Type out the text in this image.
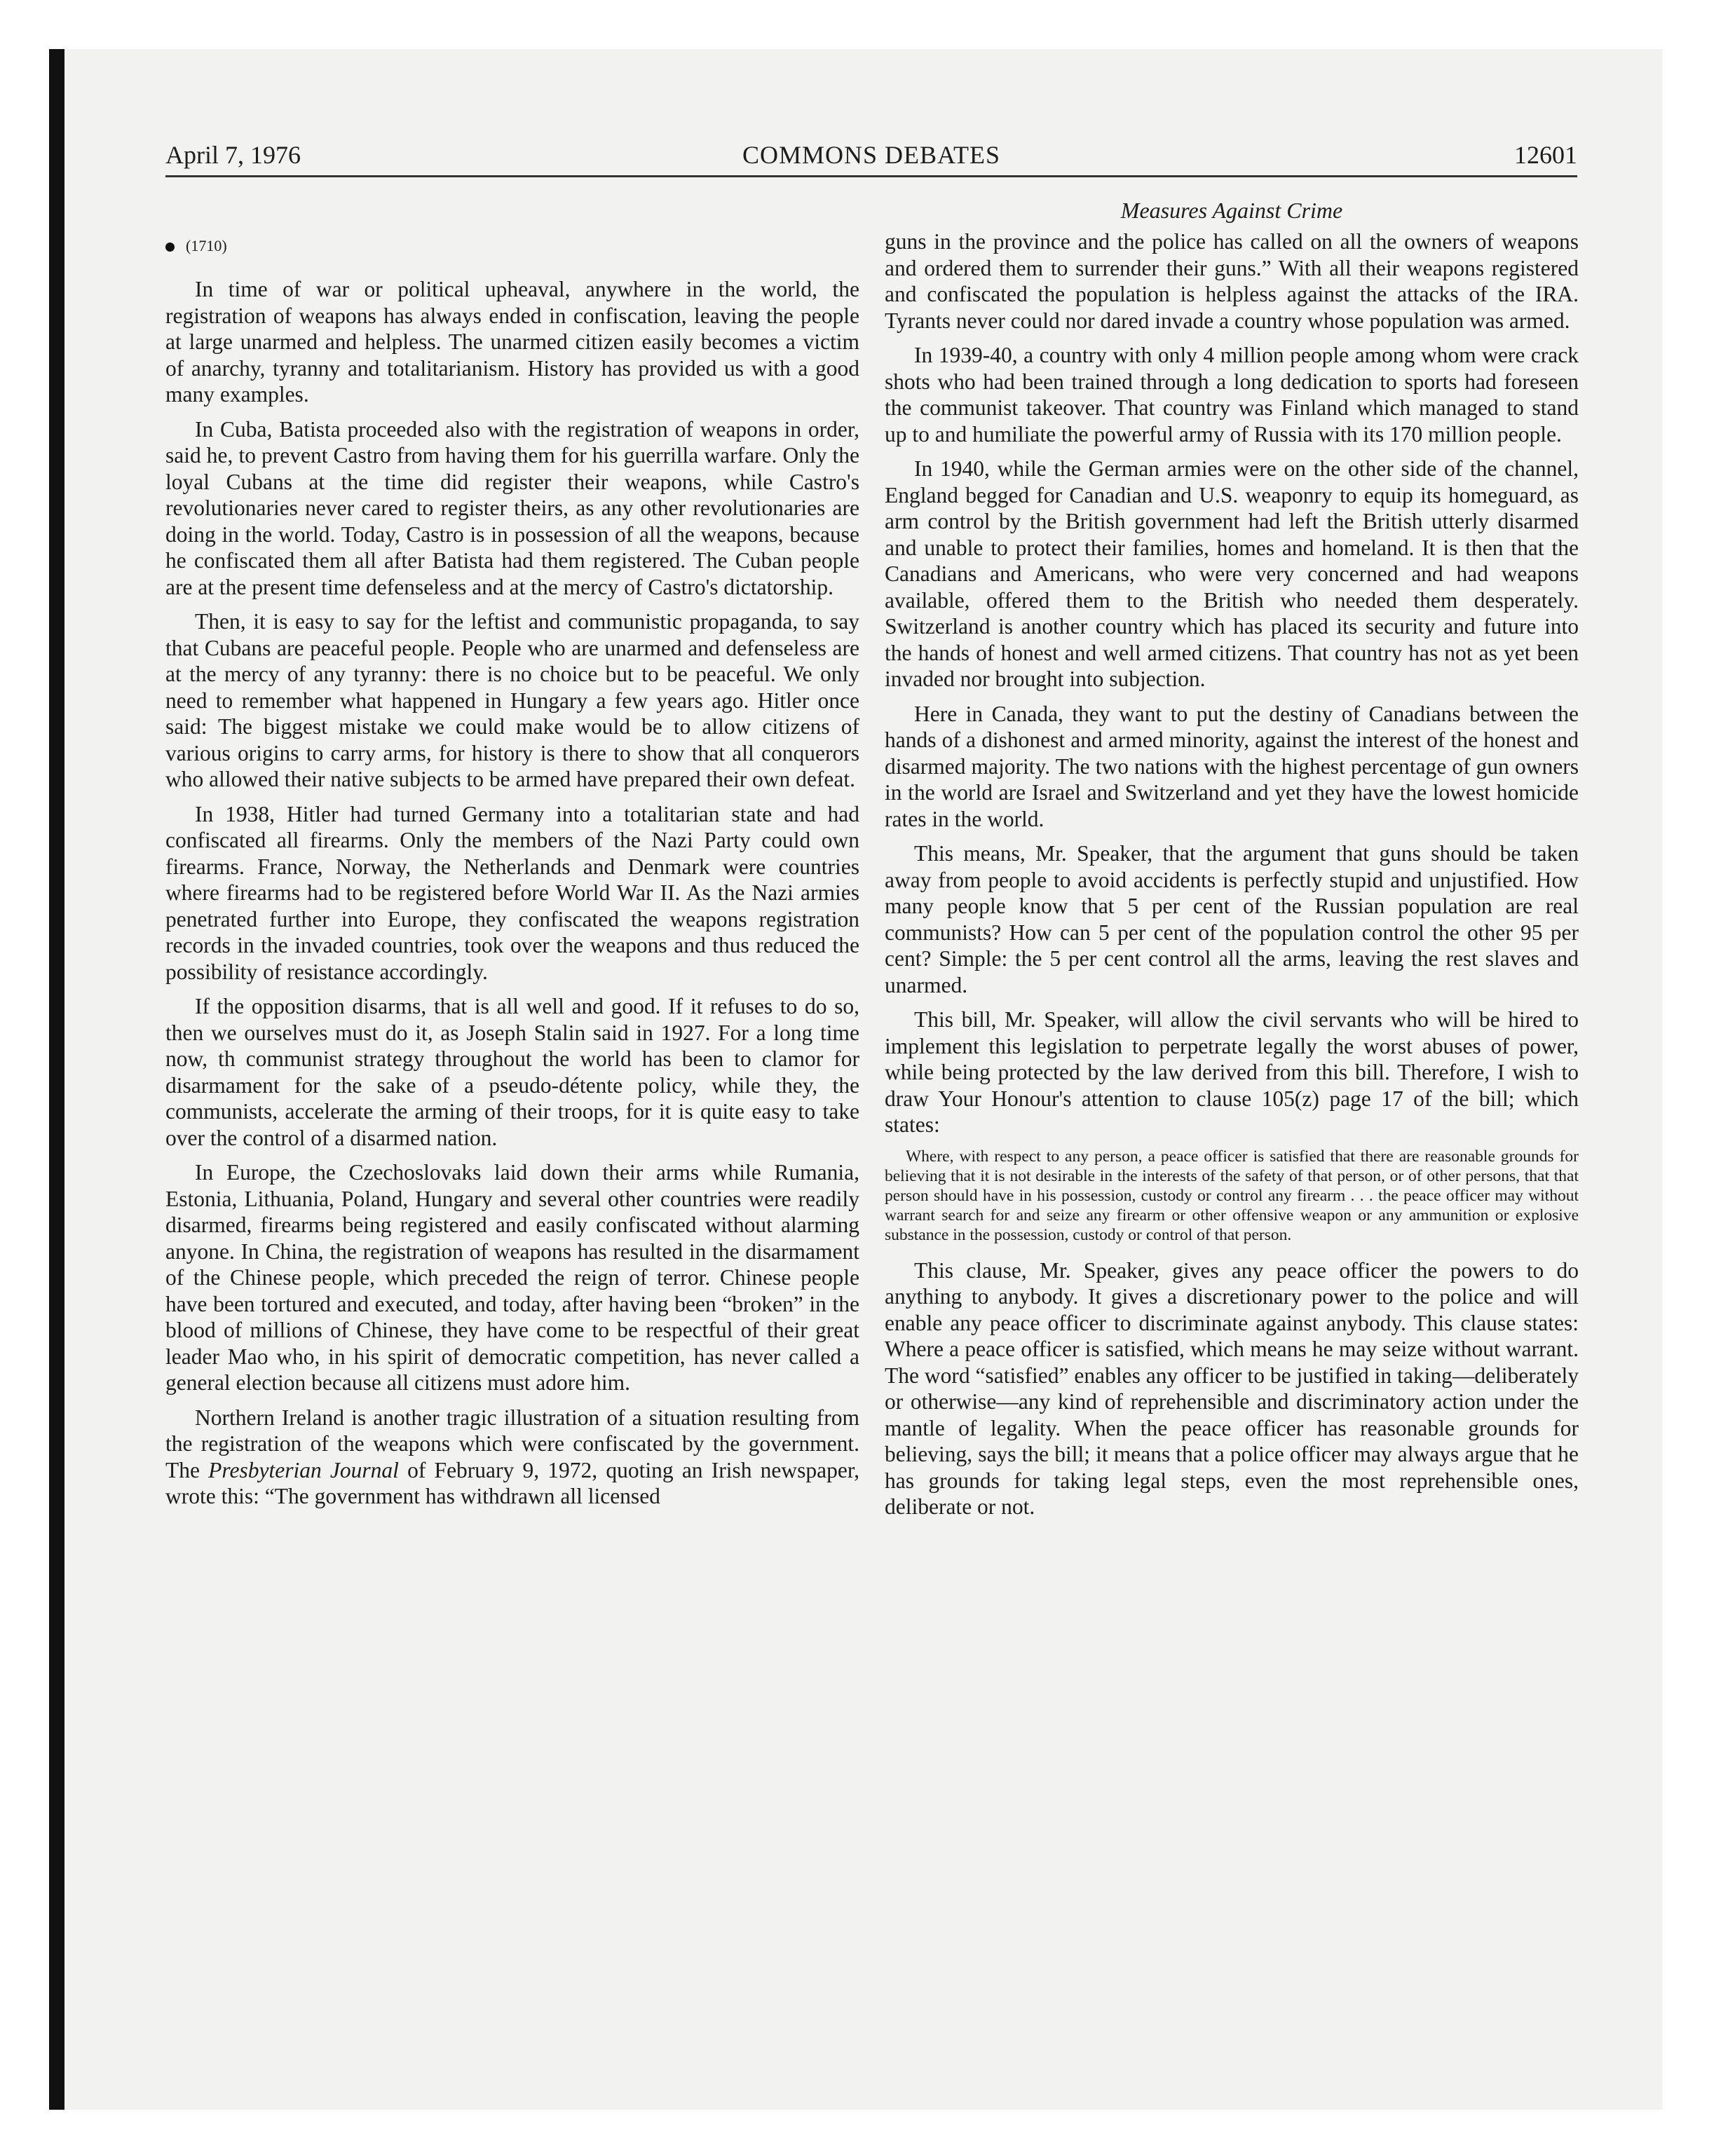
April 7, 1976	COMMONS DEBATES	12601
(1710)

In time of war or political upheaval, anywhere in the world, the registration of weapons has always ended in confiscation, leaving the people at large unarmed and helpless. The unarmed citizen easily becomes a victim of anarchy, tyranny and totalitarianism. History has provided us with a good many examples.

In Cuba, Batista proceeded also with the registration of weapons in order, said he, to prevent Castro from having them for his guerrilla warfare. Only the loyal Cubans at the time did register their weapons, while Castro's revolutionaries never cared to register theirs, as any other revolutionaries are doing in the world. Today, Castro is in possession of all the weapons, because he confiscated them all after Batista had them registered. The Cuban people are at the present time defenseless and at the mercy of Castro's dictatorship.

Then, it is easy to say for the leftist and communistic propaganda, to say that Cubans are peaceful people. People who are unarmed and defenseless are at the mercy of any tyranny: there is no choice but to be peaceful. We only need to remember what happened in Hungary a few years ago. Hitler once said: The biggest mistake we could make would be to allow citizens of various origins to carry arms, for history is there to show that all conquerors who allowed their native subjects to be armed have prepared their own defeat.

In 1938, Hitler had turned Germany into a totalitarian state and had confiscated all firearms. Only the members of the Nazi Party could own firearms. France, Norway, the Netherlands and Denmark were countries where firearms had to be registered before World War II. As the Nazi armies penetrated further into Europe, they confiscated the weapons registration records in the invaded countries, took over the weapons and thus reduced the possibility of resistance accordingly.

If the opposition disarms, that is all well and good. If it refuses to do so, then we ourselves must do it, as Joseph Stalin said in 1927. For a long time now, th communist strategy throughout the world has been to clamor for disarmament for the sake of a pseudo-détente policy, while they, the communists, accelerate the arming of their troops, for it is quite easy to take over the control of a disarmed nation.

In Europe, the Czechoslovaks laid down their arms while Rumania, Estonia, Lithuania, Poland, Hungary and several other countries were readily disarmed, firearms being registered and easily confiscated without alarming anyone. In China, the registration of weapons has resulted in the disarmament of the Chinese people, which preceded the reign of terror. Chinese people have been tortured and executed, and today, after having been “broken” in the blood of millions of Chinese, they have come to be respectful of their great leader Mao who, in his spirit of democratic competition, has never called a general election because all citizens must adore him.

Northern Ireland is another tragic illustration of a situation resulting from the registration of the weapons which were confiscated by the government. The Presbyterian Journal of February 9, 1972, quoting an Irish newspaper, wrote this: “The government has withdrawn all licensed

Measures Against Crime

guns in the province and the police has called on all the owners of weapons and ordered them to surrender their guns.” With all their weapons registered and confiscated the population is helpless against the attacks of the IRA. Tyrants never could nor dared invade a country whose population was armed.

In 1939-40, a country with only 4 million people among whom were crack shots who had been trained through a long dedication to sports had foreseen the communist takeover. That country was Finland which managed to stand up to and humiliate the powerful army of Russia with its 170 million people.

In 1940, while the German armies were on the other side of the channel, England begged for Canadian and U.S. weaponry to equip its homeguard, as arm control by the British government had left the British utterly disarmed and unable to protect their families, homes and homeland. It is then that the Canadians and Americans, who were very concerned and had weapons available, offered them to the British who needed them desperately. Switzerland is another country which has placed its security and future into the hands of honest and well armed citizens. That country has not as yet been invaded nor brought into subjection.

Here in Canada, they want to put the destiny of Canadians between the hands of a dishonest and armed minority, against the interest of the honest and disarmed majority. The two nations with the highest percentage of gun owners in the world are Israel and Switzerland and yet they have the lowest homicide rates in the world.

This means, Mr. Speaker, that the argument that guns should be taken away from people to avoid accidents is perfectly stupid and unjustified. How many people know that 5 per cent of the Russian population are real communists? How can 5 per cent of the population control the other 95 per cent? Simple: the 5 per cent control all the arms, leaving the rest slaves and unarmed.

This bill, Mr. Speaker, will allow the civil servants who will be hired to implement this legislation to perpetrate legally the worst abuses of power, while being protected by the law derived from this bill. Therefore, I wish to draw Your Honour's attention to clause 105(z) page 17 of the bill; which states:

Where, with respect to any person, a peace officer is satisfied that there are reasonable grounds for believing that it is not desirable in the interests of the safety of that person, or of other persons, that that person should have in his possession, custody or control any firearm . . . the peace officer may without warrant search for and seize any firearm or other offensive weapon or any ammunition or explosive substance in the possession, custody or control of that person.

This clause, Mr. Speaker, gives any peace officer the powers to do anything to anybody. It gives a discretionary power to the police and will enable any peace officer to discriminate against anybody. This clause states: Where a peace officer is satisfied, which means he may seize without warrant. The word “satisfied” enables any officer to be justified in taking—deliberately or otherwise—any kind of reprehensible and discriminatory action under the mantle of legality. When the peace officer has reasonable grounds for believing, says the bill; it means that a police officer may always argue that he has grounds for taking legal steps, even the most reprehensible ones, deliberate or not.
